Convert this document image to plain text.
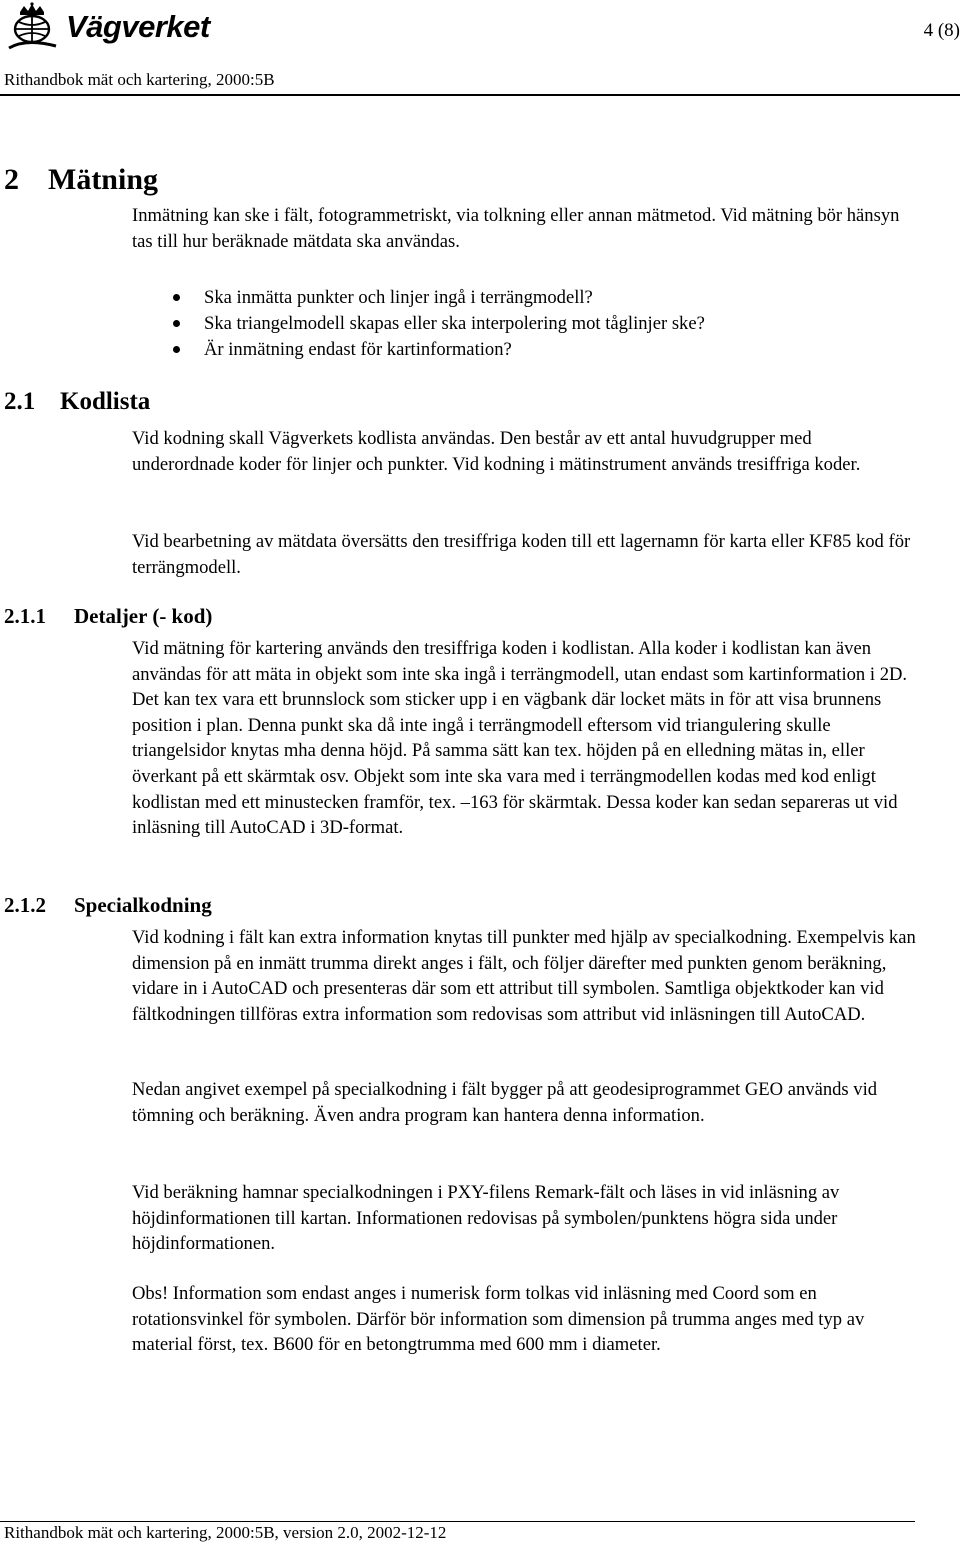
Vägverket	4 (8)
Rithandbok mät och kartering, 2000:5B
2 Mätning

Inmätning kan ske i fält, fotogrammetriskt, via tolkning eller annan mätmetod. Vid mätning bör hänsyn tas till hur beräknade mätdata ska användas.

Ska inmätta punkter och linjer ingå i terrängmodell?
Ska triangelmodell skapas eller ska interpolering mot tåglinjer ske?
Är inmätning endast för kartinformation?
2.1 Kodlista

Vid kodning skall Vägverkets kodlista användas. Den består av ett antal huvudgrupper med underordnade koder för linjer och punkter. Vid kodning i mätinstrument används tresiffriga koder.

Vid bearbetning av mätdata översätts den tresiffriga koden till ett lagernamn för karta eller KF85 kod för terrängmodell.

2.1.1 Detaljer (- kod)

Vid mätning för kartering används den tresiffriga koden i kodlistan. Alla koder i kodlistan kan även användas för att mäta in objekt som inte ska ingå i terrängmodell, utan endast som kartinformation i 2D. Det kan tex vara ett brunnslock som sticker upp i en vägbank där locket mäts in för att visa brunnens position i plan. Denna punkt ska då inte ingå i terrängmodell eftersom vid triangulering skulle triangelsidor knytas mha denna höjd. På samma sätt kan tex. höjden på en elledning mätas in, eller överkant på ett skärmtak osv. Objekt som inte ska vara med i terrängmodellen kodas med kod enligt kodlistan med ett minustecken framför, tex. –163 för skärmtak. Dessa koder kan sedan separeras ut vid inläsning till AutoCAD i 3D-format.

2.1.2 Specialkodning

Vid kodning i fält kan extra information knytas till punkter med hjälp av specialkodning. Exempelvis kan dimension på en inmätt trumma direkt anges i fält, och följer därefter med punkten genom beräkning, vidare in i AutoCAD och presenteras där som ett attribut till symbolen. Samtliga objektkoder kan vid fältkodningen tillföras extra information som redovisas som attribut vid inläsningen till AutoCAD.

Nedan angivet exempel på specialkodning i fält bygger på att geodesiprogrammet GEO används vid tömning och beräkning. Även andra program kan hantera denna information.

Vid beräkning hamnar specialkodningen i PXY-filens Remark-fält och läses in vid inläsning av höjdinformationen till kartan. Informationen redovisas på symbolen/punktens högra sida under höjdinformationen.

Obs! Information som endast anges i numerisk form tolkas vid inläsning med Coord som en rotationsvinkel för symbolen. Därför bör information som dimension på trumma anges med typ av material först, tex. B600 för en betongtrumma med 600 mm i diameter.

Rithandbok mät och kartering, 2000:5B, version 2.0, 2002-12-12
